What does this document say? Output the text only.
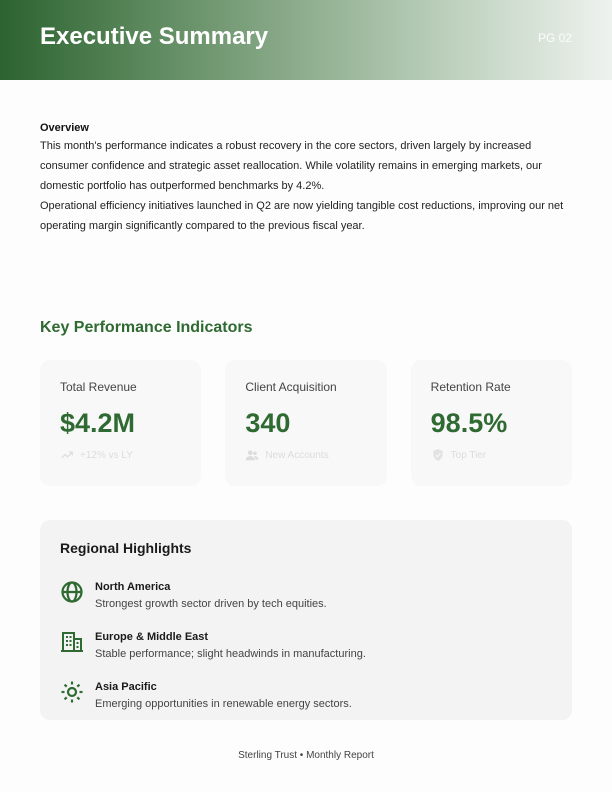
Executive Summary	PG 02
Overview

This month's performance indicates a robust recovery in the core sectors, driven largely by increased consumer confidence and strategic asset reallocation. While volatility remains in emerging markets, our domestic portfolio has outperformed benchmarks by 4.2%.

Operational efficiency initiatives launched in Q2 are now yielding tangible cost reductions, improving our net operating margin significantly compared to the previous fiscal year.

Key Performance Indicators
Total Revenue
$4.2M
+12% vs LY
Client Acquisition
340
New Accounts
Retention Rate
98.5%
Top Tier
Regional Highlights
North America
Strongest growth sector driven by tech equities.
Europe & Middle East
Stable performance; slight headwinds in manufacturing.
Asia Pacific
Emerging opportunities in renewable energy sectors.
Sterling Trust • Monthly Report
